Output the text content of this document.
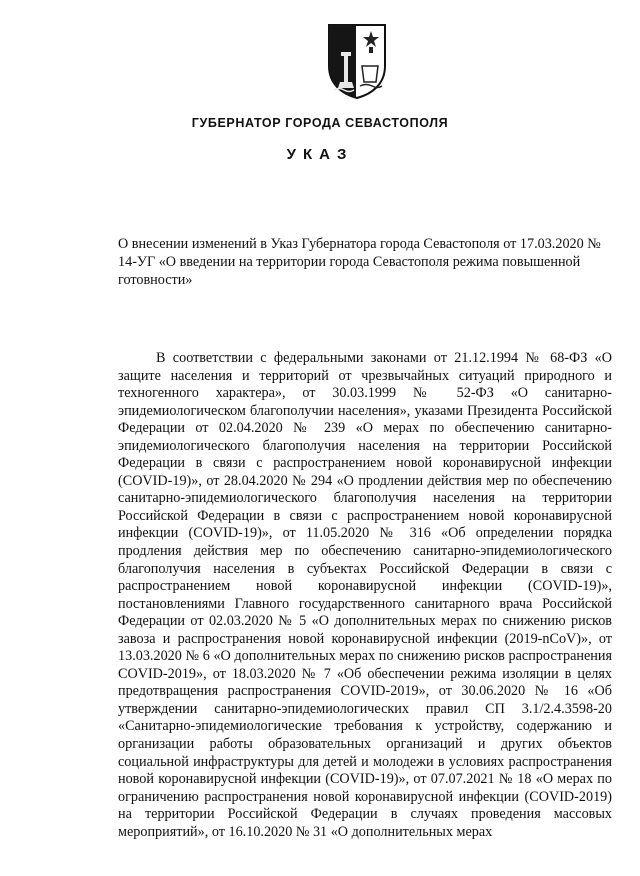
ГУБЕРНАТОР ГОРОДА СЕВАСТОПОЛЯ
УКАЗ
О внесении изменений в Указ Губернатора города Севастополя от 17.03.2020 № 14-УГ «О введении на территории города Севастополя режима повышенной готовности»
В соответствии с федеральными законами от 21.12.1994 № 68-ФЗ «О защите населения и территорий от чрезвычайных ситуаций природного и техногенного характера», от 30.03.1999 № 52-ФЗ «О санитарно-эпидемиологическом благополучии населения», указами Президента Российской Федерации от 02.04.2020 № 239 «О мерах по обеспечению санитарно-эпидемиологического благополучия населения на территории Российской Федерации в связи с распространением новой коронавирусной инфекции (COVID-19)», от 28.04.2020 № 294 «О продлении действия мер по обеспечению санитарно-эпидемиологического благополучия населения на территории Российской Федерации в связи с распространением новой коронавирусной инфекции (COVID-19)», от 11.05.2020 № 316 «Об определении порядка продления действия мер по обеспечению санитарно-эпидемиологического благополучия населения в субъектах Российской Федерации в связи с распространением новой коронавирусной инфекции (COVID-19)», постановлениями Главного государственного санитарного врача Российской Федерации от 02.03.2020 № 5 «О дополнительных мерах по снижению рисков завоза и распространения новой коронавирусной инфекции (2019-nCoV)», от 13.03.2020 № 6 «О дополнительных мерах по снижению рисков распространения COVID-2019», от 18.03.2020 № 7 «Об обеспечении режима изоляции в целях предотвращения распространения COVID-2019», от 30.06.2020 № 16 «Об утверждении санитарно-эпидемиологических правил СП 3.1/2.4.3598-20 «Санитарно-эпидемиологические требования к устройству, содержанию и организации работы образовательных организаций и других объектов социальной инфраструктуры для детей и молодежи в условиях распространения новой коронавирусной инфекции (COVID-19)», от 07.07.2021 № 18 «О мерах по ограничению распространения новой коронавирусной инфекции (COVID-2019) на территории Российской Федерации в случаях проведения массовых мероприятий», от 16.10.2020 № 31 «О дополнительных мерах
